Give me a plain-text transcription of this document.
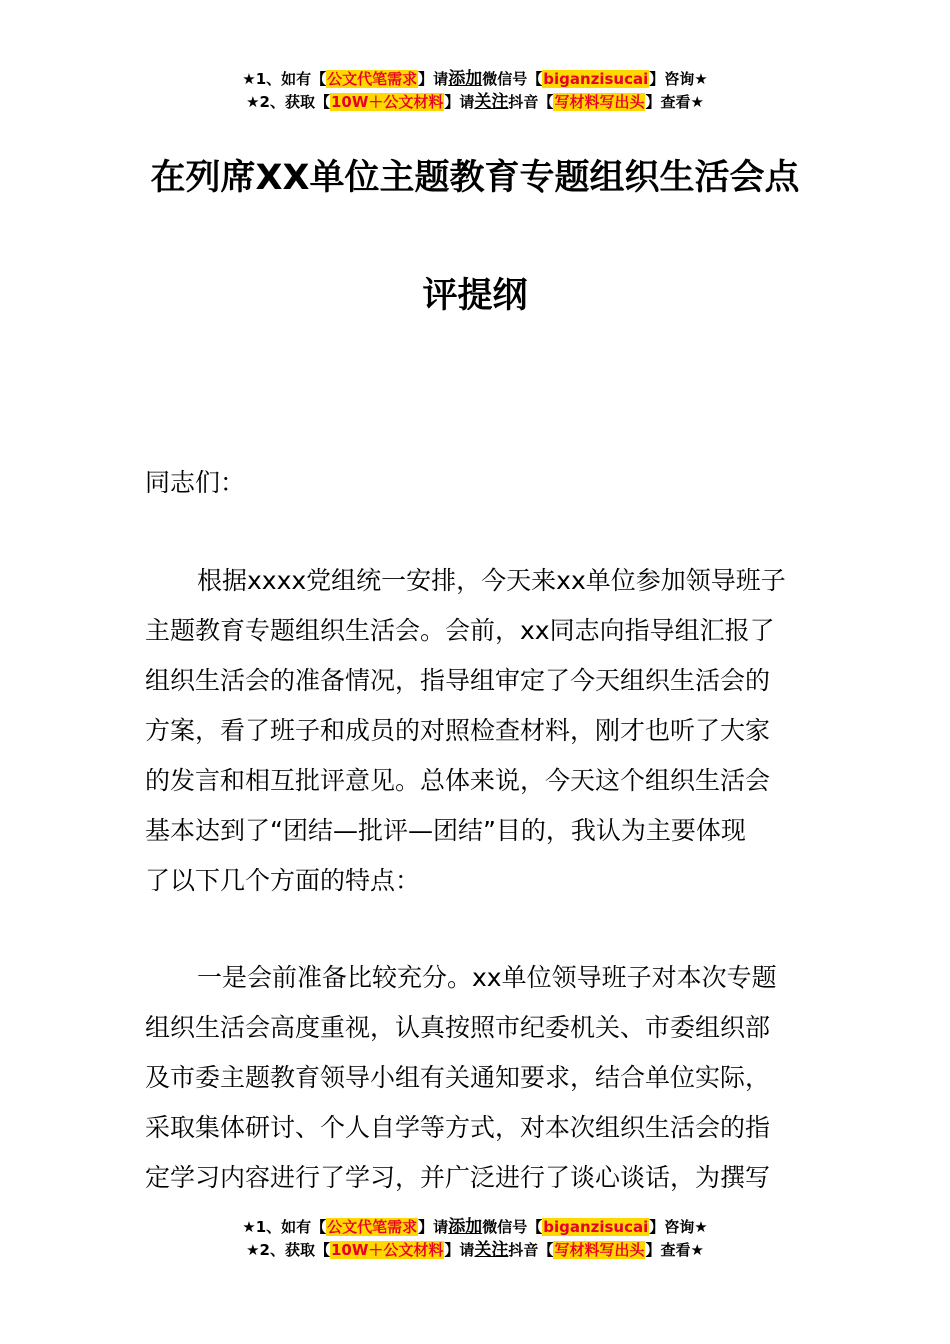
★1、如有【公文代笔需求】请添加微信号【biganzisucai】咨询★
★2、获取【10W＋公文材料】请关注抖音【写材料写出头】查看★
在列席XX单位主题教育专题组织生活会点
评提纲
同志们：

根据xxxx党组统一安排，今天来xx单位参加领导班子
主题教育专题组织生活会。会前，xx同志向指导组汇报了
组织生活会的准备情况，指导组审定了今天组织生活会的
方案，看了班子和成员的对照检查材料，刚才也听了大家
的发言和相互批评意见。总体来说，今天这个组织生活会
基本达到了“团结—批评—团结”目的，我认为主要体现
了以下几个方面的特点：

一是会前准备比较充分。xx单位领导班子对本次专题
组织生活会高度重视，认真按照市纪委机关、市委组织部
及市委主题教育领导小组有关通知要求，结合单位实际，
采取集体研讨、个人自学等方式，对本次组织生活会的指
定学习内容进行了学习，并广泛进行了谈心谈话，为撰写

★1、如有【公文代笔需求】请添加微信号【biganzisucai】咨询★
★2、获取【10W＋公文材料】请关注抖音【写材料写出头】查看★
